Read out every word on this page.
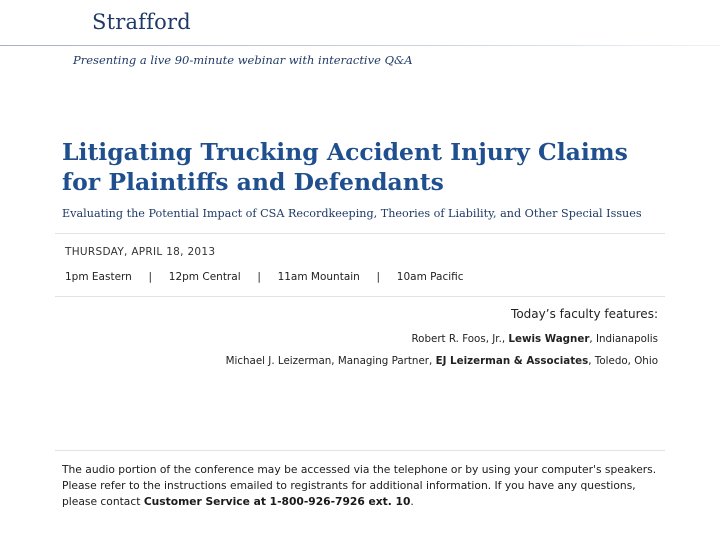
Strafford
Presenting a live 90-minute webinar with interactive Q&A
Litigating Trucking Accident Injury Claims
for Plaintiffs and Defendants
Evaluating the Potential Impact of CSA Recordkeeping, Theories of Liability, and Other Special Issues
THURSDAY, APRIL 18, 2013
1pm Eastern | 12pm Central | 11am Mountain | 10am Pacific
Today’s faculty features:
Robert R. Foos, Jr., Lewis Wagner, Indianapolis
Michael J. Leizerman, Managing Partner, EJ Leizerman & Associates, Toledo, Ohio
The audio portion of the conference may be accessed via the telephone or by using your computer's speakers. Please refer to the instructions emailed to registrants for additional information. If you have any questions, please contact Customer Service at 1-800-926-7926 ext. 10.
